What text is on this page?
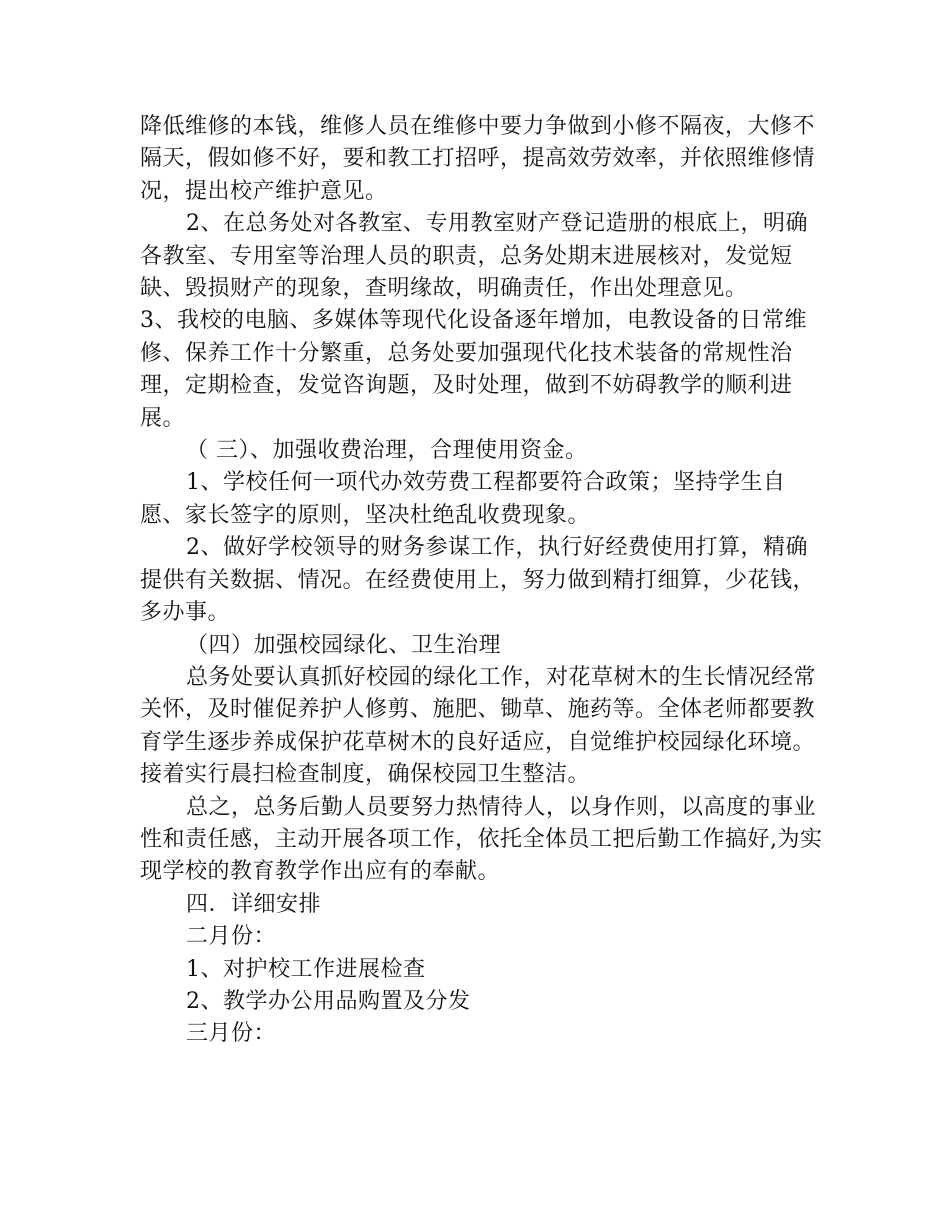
降低维修的本钱，维修人员在维修中要力争做到小修不隔夜，大修不隔天，假如修不好，要和教工打招呼，提高效劳效率，并依照维修情况，提出校产维护意见。

2、在总务处对各教室、专用教室财产登记造册的根底上，明确各教室、专用室等治理人员的职责，总务处期末进展核对，发觉短缺、毁损财产的现象，查明缘故，明确责任，作出处理意见。

3、我校的电脑、多媒体等现代化设备逐年增加，电教设备的日常维修、保养工作十分繁重，总务处要加强现代化技术装备的常规性治理，定期检查，发觉咨询题，及时处理，做到不妨碍教学的顺利进展。

（ 三）、加强收费治理，合理使用资金。

1、学校任何一项代办效劳费工程都要符合政策；坚持学生自愿、家长签字的原则，坚决杜绝乱收费现象。

2、做好学校领导的财务参谋工作，执行好经费使用打算，精确提供有关数据、情况。在经费使用上，努力做到精打细算，少花钱，多办事。

（四）加强校园绿化、卫生治理

总务处要认真抓好校园的绿化工作，对花草树木的生长情况经常关怀，及时催促养护人修剪、施肥、锄草、施药等。全体老师都要教育学生逐步养成保护花草树木的良好适应，自觉维护校园绿化环境。接着实行晨扫检查制度，确保校园卫生整洁。

总之，总务后勤人员要努力热情待人，以身作则，以高度的事业性和责任感，主动开展各项工作，依托全体员工把后勤工作搞好,为实现学校的教育教学作出应有的奉献。

四．详细安排

二月份：

1、对护校工作进展检查

2、教学办公用品购置及分发

三月份：
